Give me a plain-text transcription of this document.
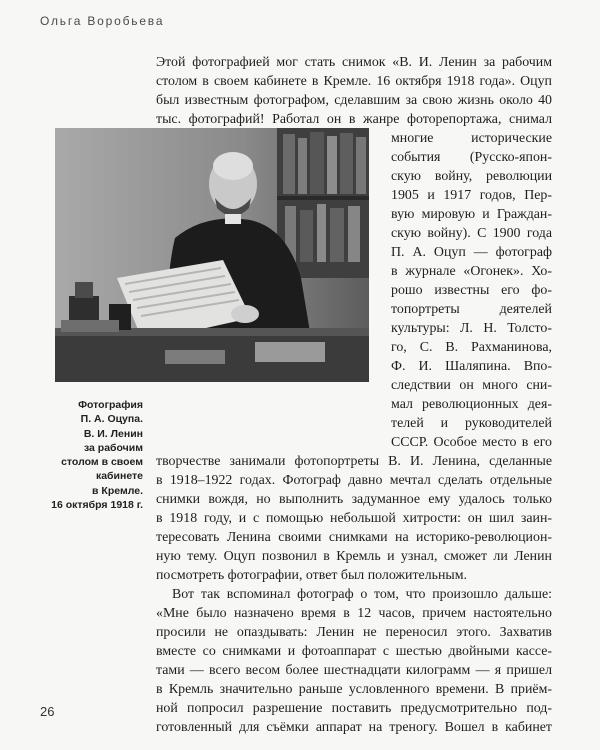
Ольга Воробьева
Этой фотографией мог стать снимок «В. И. Ленин за рабочим
столом в своем кабинете в Кремле. 16 октября 1918 года». Оцуп
был известным фотографом, сделавшим за свою жизнь около 40
тыс. фотографий! Работал он в жанре фоторепортажа, снимал
многие исторические
события (Русско-япон-
скую войну, революции
1905 и 1917 годов, Пер-
вую мировую и Граждан-
скую войну). С 1900 года
П. А. Оцуп — фотограф
в журнале «Огонек». Хо-
рошо известны его фо-
топортреты деятелей
культуры: Л. Н. Толсто-
го, С. В. Рахманинова,
Ф. И. Шаляпина. Впо-
следствии он много сни-
мал революционных дея-
телей и руководителей
СССР. Особое место в его
Фотография
П. А. Оцупа.
В. И. Ленин
за рабочим
столом в своем
кабинете
в Кремле.
16 октября 1918 г.
творчестве занимали фотопортреты В. И. Ленина, сделанные
в 1918–1922 годах. Фотограф давно мечтал сделать отдельные
снимки вождя, но выполнить задуманное ему удалось только
в 1918 году, и с помощью небольшой хитрости: он шил заин-
тересовать Ленина своими снимками на историко-революцион-
ную тему. Оцуп позвонил в Кремль и узнал, сможет ли Ленин
посмотреть фотографии, ответ был положительным.
Вот так вспоминал фотограф о том, что произошло дальше:
«Мне было назначено время в 12 часов, причем настоятельно
просили не опаздывать: Ленин не переносил этого. Захватив
вместе со снимками и фотоаппарат с шестью двойными кассе-
тами — всего весом более шестнадцати килограмм — я пришел
в Кремль значительно раньше условленного времени. В приём-
ной попросил разрешение поставить предусмотрительно под-
готовленный для съёмки аппарат на треногу. Вошел в кабинет
26
